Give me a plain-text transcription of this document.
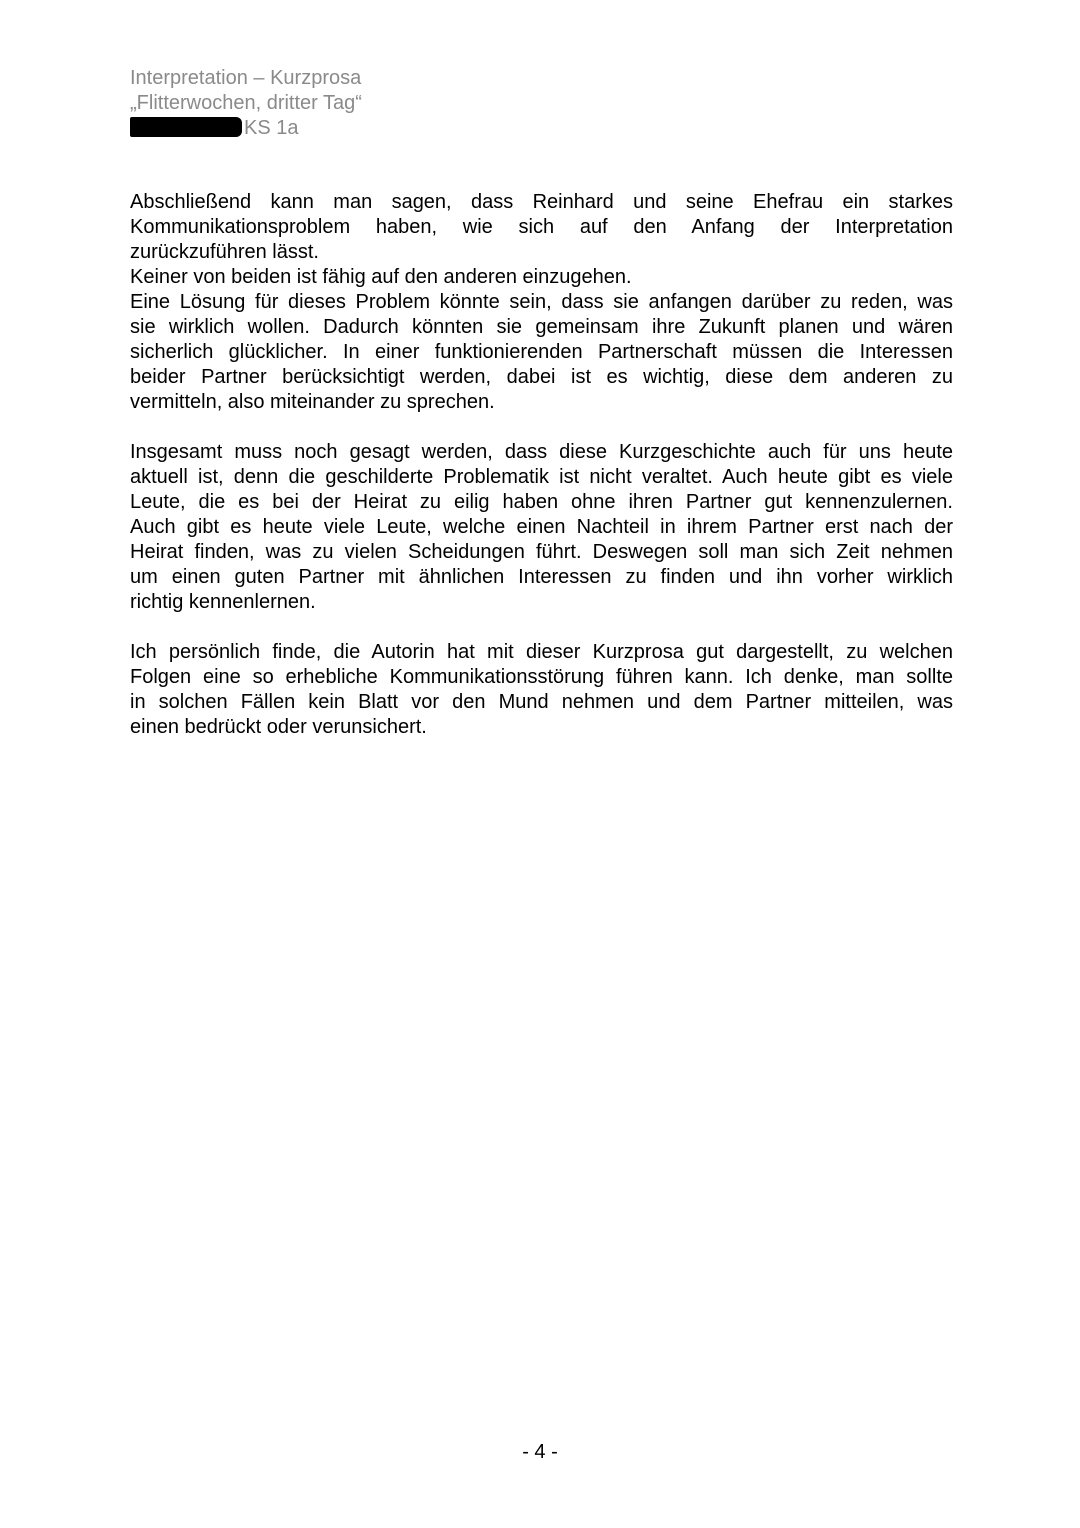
Interpretation – Kurzprosa
„Flitterwochen, dritter Tag“
KS 1a
Abschließend kann man sagen, dass Reinhard und seine Ehefrau ein starkes
Kommunikationsproblem haben, wie sich auf den Anfang der Interpretation
zurückzuführen lässt.
Keiner von beiden ist fähig auf den anderen einzugehen.
Eine Lösung für dieses Problem könnte sein, dass sie anfangen darüber zu reden, was
sie wirklich wollen. Dadurch könnten sie gemeinsam ihre Zukunft planen und wären
sicherlich glücklicher. In einer funktionierenden Partnerschaft müssen die Interessen
beider Partner berücksichtigt werden, dabei ist es wichtig, diese dem anderen zu
vermitteln, also miteinander zu sprechen.
Insgesamt muss noch gesagt werden, dass diese Kurzgeschichte auch für uns heute
aktuell ist, denn die geschilderte Problematik ist nicht veraltet. Auch heute gibt es viele
Leute, die es bei der Heirat zu eilig haben ohne ihren Partner gut kennenzulernen.
Auch gibt es heute viele Leute, welche einen Nachteil in ihrem Partner erst nach der
Heirat finden, was zu vielen Scheidungen führt. Deswegen soll man sich Zeit nehmen
um einen guten Partner mit ähnlichen Interessen zu finden und ihn vorher wirklich
richtig kennenlernen.
Ich persönlich finde, die Autorin hat mit dieser Kurzprosa gut dargestellt, zu welchen
Folgen eine so erhebliche Kommunikationsstörung führen kann. Ich denke, man sollte
in solchen Fällen kein Blatt vor den Mund nehmen und dem Partner mitteilen, was
einen bedrückt oder verunsichert.
- 4 -
